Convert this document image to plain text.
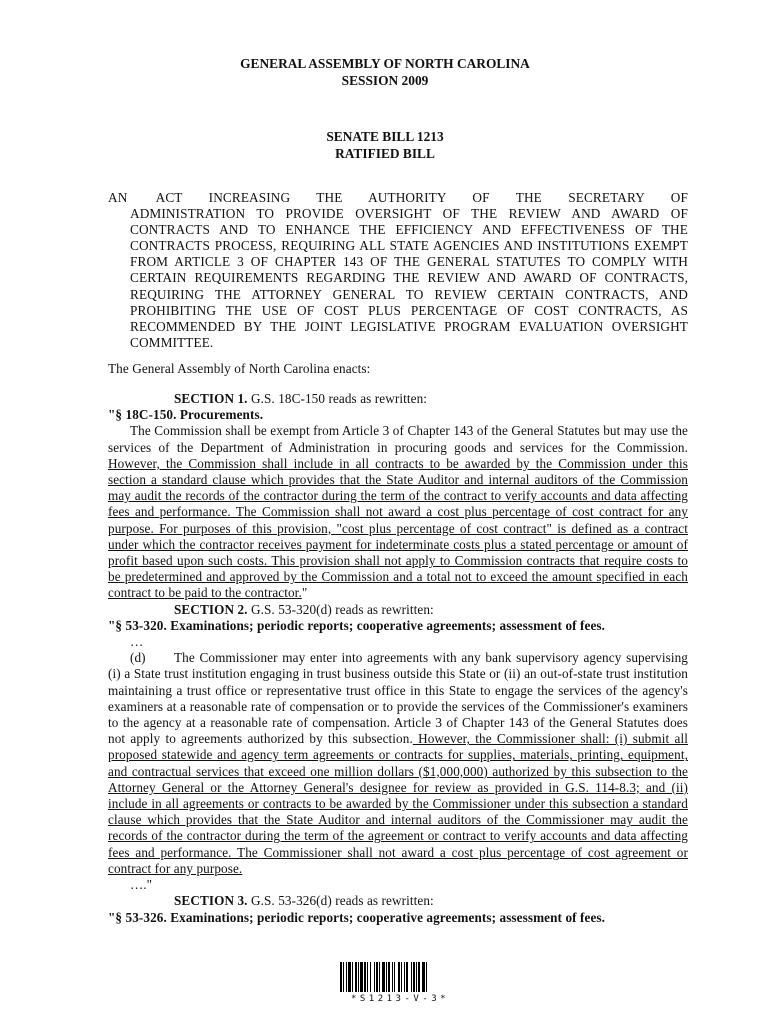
GENERAL ASSEMBLY OF NORTH CAROLINA
SESSION 2009
SENATE BILL 1213
RATIFIED BILL
AN ACT INCREASING THE AUTHORITY OF THE SECRETARY OF
ADMINISTRATION TO PROVIDE OVERSIGHT OF THE REVIEW AND AWARD OF CONTRACTS AND TO ENHANCE THE EFFICIENCY AND EFFECTIVENESS OF THE CONTRACTS PROCESS, REQUIRING ALL STATE AGENCIES AND INSTITUTIONS EXEMPT FROM ARTICLE 3 OF CHAPTER 143 OF THE GENERAL STATUTES TO COMPLY WITH CERTAIN REQUIREMENTS REGARDING THE REVIEW AND AWARD OF CONTRACTS, REQUIRING THE ATTORNEY GENERAL TO REVIEW CERTAIN CONTRACTS, AND PROHIBITING THE USE OF COST PLUS PERCENTAGE OF COST CONTRACTS, AS RECOMMENDED BY THE JOINT LEGISLATIVE PROGRAM EVALUATION OVERSIGHT COMMITTEE.
The General Assembly of North Carolina enacts:

SECTION 1. G.S. 18C-150 reads as rewritten:

"§ 18C-150. Procurements.

The Commission shall be exempt from Article 3 of Chapter 143 of the General Statutes but may use the services of the Department of Administration in procuring goods and services for the Commission. However, the Commission shall include in all contracts to be awarded by the Commission under this section a standard clause which provides that the State Auditor and internal auditors of the Commission may audit the records of the contractor during the term of the contract to verify accounts and data affecting fees and performance. The Commission shall not award a cost plus percentage of cost contract for any purpose. For purposes of this provision, "cost plus percentage of cost contract" is defined as a contract under which the contractor receives payment for indeterminate costs plus a stated percentage or amount of profit based upon such costs. This provision shall not apply to Commission contracts that require costs to be predetermined and approved by the Commission and a total not to exceed the amount specified in each contract to be paid to the contractor."

SECTION 2. G.S. 53-320(d) reads as rewritten:

"§ 53-320. Examinations; periodic reports; cooperative agreements; assessment of fees.

…

(d) The Commissioner may enter into agreements with any bank supervisory agency supervising (i) a State trust institution engaging in trust business outside this State or (ii) an out-of-state trust institution maintaining a trust office or representative trust office in this State to engage the services of the agency's examiners at a reasonable rate of compensation or to provide the services of the Commissioner's examiners to the agency at a reasonable rate of compensation. Article 3 of Chapter 143 of the General Statutes does not apply to agreements authorized by this subsection. However, the Commissioner shall: (i) submit all proposed statewide and agency term agreements or contracts for supplies, materials, printing, equipment, and contractual services that exceed one million dollars ($1,000,000) authorized by this subsection to the Attorney General or the Attorney General's designee for review as provided in G.S. 114-8.3; and (ii) include in all agreements or contracts to be awarded by the Commissioner under this subsection a standard clause which provides that the State Auditor and internal auditors of the Commissioner may audit the records of the contractor during the term of the agreement or contract to verify accounts and data affecting fees and performance. The Commissioner shall not award a cost plus percentage of cost agreement or contract for any purpose.

…."

SECTION 3. G.S. 53-326(d) reads as rewritten:

"§ 53-326. Examinations; periodic reports; cooperative agreements; assessment of fees.

*S1213-V-3*
